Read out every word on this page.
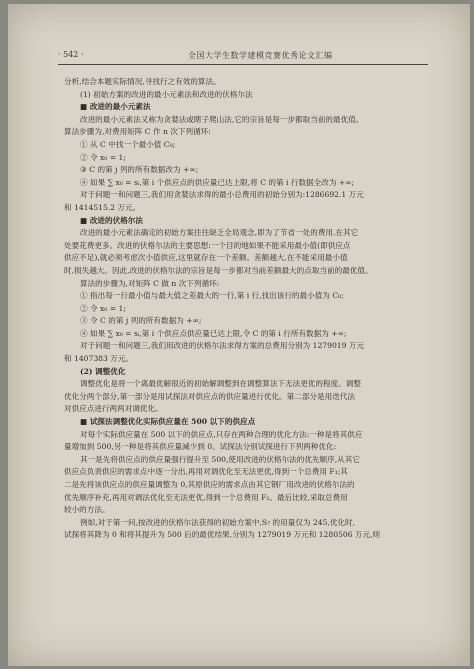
· 542 ·	全国大学生数学建模竞赛优秀论文汇编
分析,结合本题实际情况,寻找行之有效的算法。
(1) 初始方案的改进的最小元素法和改进的伏格尔法
■ 改进的最小元素法
改进的最小元素法又称为贪婪法或瞎子爬山法,它的宗旨是每一步都取当前的最优值。
算法步骤为,对费用矩阵 C 作 n 次下列循环:
① 从 C 中找一个最小值 C₀;
② 令 x₀ = 1;
③ C 的第 j 列的所有数据改为 +∞;
④ 如果 ∑ x₀ = sᵢ,第 i 个供应点的供应量已达上限,将 C 的第 i 行数据全改为 +∞;
对于问题一和问题三,我们用贪婪法求得的最小总费用的初始分别为:1286692.1 万元
和 1414515.2 万元。
■ 改进的伏格尔法
改进的最小元素法确定的初始方案往往缺乏全局观念,即为了节省一处的费用,在其它
处要花费更多。改进的伏格尔法的主要思想:一个目的地如果不能采用最小值(即供应点
供应不足),就必须考虑次小值供应,这里就存在一个差额。差额越大,在不能采用最小值
时,损失越大。因此,改进的伏格尔法的宗旨是每一步都对当前差额最大的点取当前的最优值。
算法的步骤为,对矩阵 C 做 n 次下列循环:
① 指出每一行最小值与最大值之差最大的一行,第 i 行,找出该行的最小值为 C₀;
② 令 x₀ = 1;
③ 令 C 的第 j 列的所有数据为 +∞;
④ 如果 ∑ x₀ = sᵢ,第 i 个供应点供应量已达上限,令 C 的第 i 行所有数据为 +∞;
对于问题一和问题三,我们用改进的伏格尔法求得方案的总费用分别为 1279019 万元
和 1407383 万元。
(2) 调整优化
调整优化是将一个离最优解很近的初始解调整到在调整算法下无法更优的程度。调整
优化分两个部分,第一部分是用试探法对供应点的供应量进行优化。第二部分是用迭代法
对供应点进行两两对调优化。
■ 试探法调整优化实际供应量在 500 以下的供应点
对每个实际供应量在 500 以下的供应点,只存在两种合理的优化方法:一种是将其供应
量增加到 500,另一种是将其供应量减少到 0。试探法分别试探进行下列两种优化:
其一是先将供应点的供应量强行提升至 500,使用改进的伏格尔法的优先顺序,从其它
供应点负责供应的需求点中逐一分出,再用对调优化至无法更优,得到一个总费用 F₁;其
二是先将该供应点的供应量调整为 0,其原供应的需求点由其它钢厂用改进的伏格尔法的
优先顺序补充,再用对调法优化至无法更优,得到一个总费用 F₂。最后比较,采取总费用
较小的方法。
例如,对于第一问,按改进的伏格尔法获得的初始方案中,S₇ 的用量仅为 245,优化时,
试探将其降为 0 和将其提升为 500 后的最优结果,分别为 1279019 万元和 1280506 万元,则
